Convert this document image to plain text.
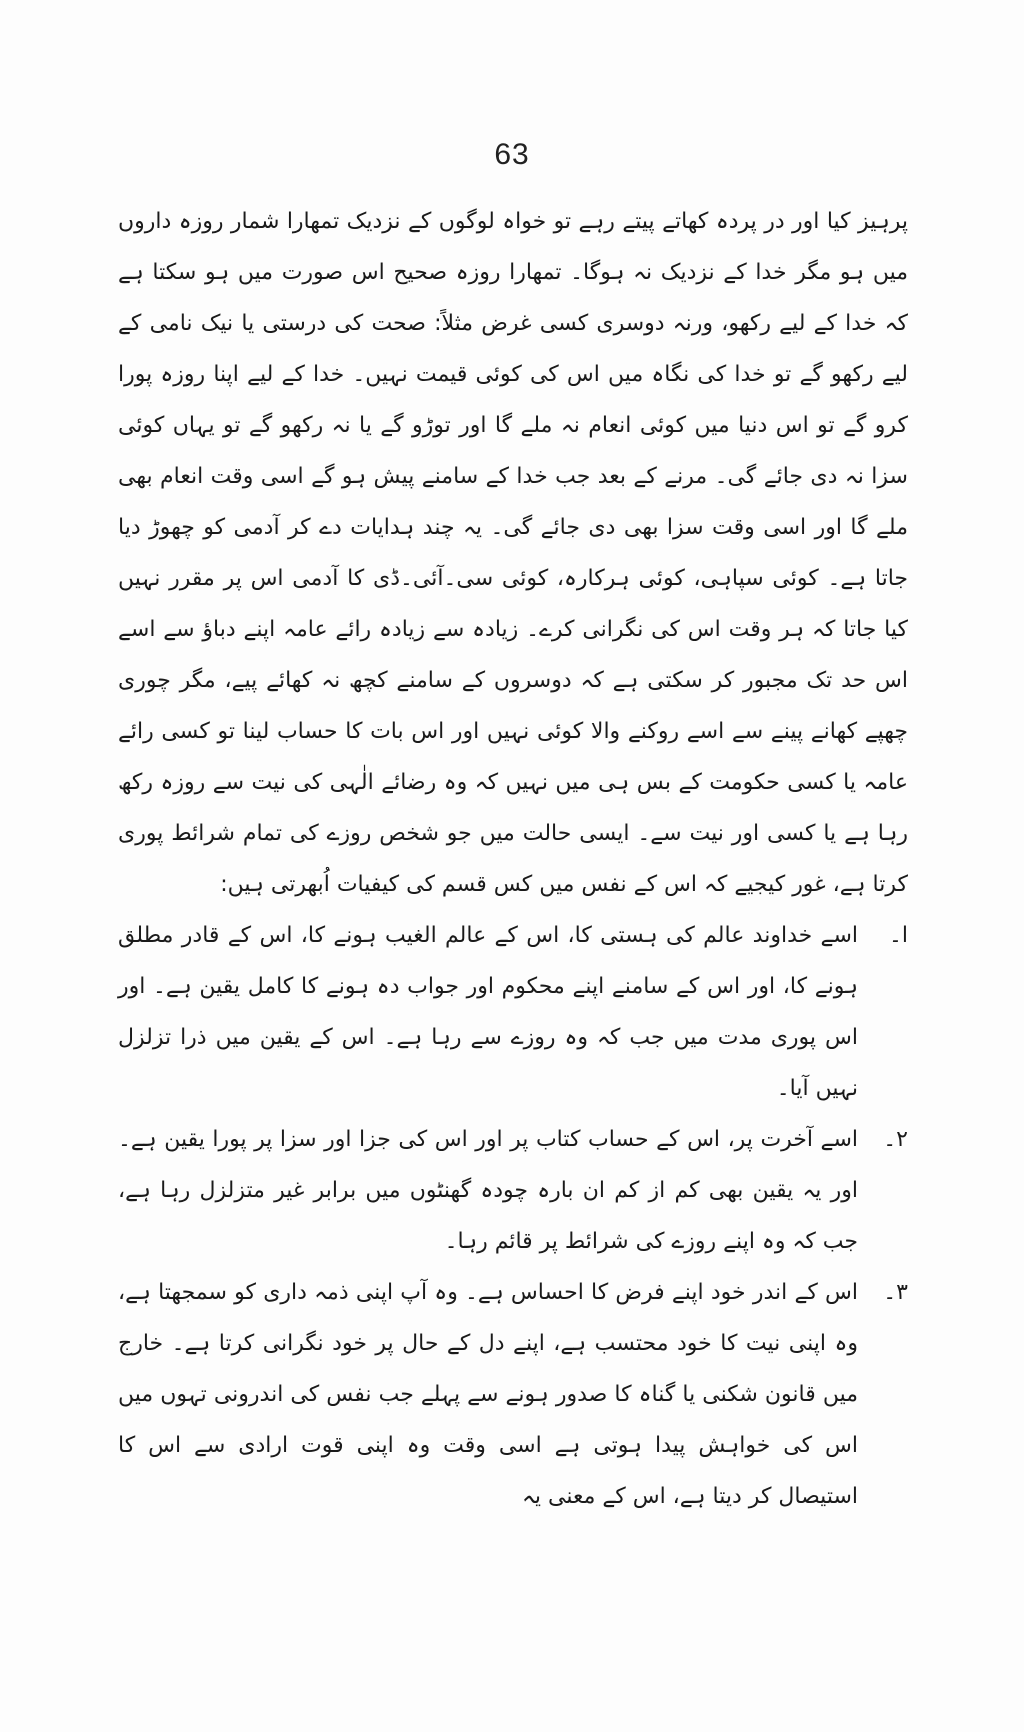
63

پرہیز کیا اور در پردہ کھاتے پیتے رہے تو خواہ لوگوں کے نزدیک تمھارا شمار روزہ داروں میں ہو مگر خدا کے نزدیک نہ ہوگا۔ تمھارا روزہ صحیح اس صورت میں ہو سکتا ہے کہ خدا کے لیے رکھو، ورنہ دوسری کسی غرض مثلاً: صحت کی درستی یا نیک نامی کے لیے رکھو گے تو خدا کی نگاہ میں اس کی کوئی قیمت نہیں۔ خدا کے لیے اپنا روزہ پورا کرو گے تو اس دنیا میں کوئی انعام نہ ملے گا اور توڑو گے یا نہ رکھو گے تو یہاں کوئی سزا نہ دی جائے گی۔ مرنے کے بعد جب خدا کے سامنے پیش ہو گے اسی وقت انعام بھی ملے گا اور اسی وقت سزا بھی دی جائے گی۔ یہ چند ہدایات دے کر آدمی کو چھوڑ دیا جاتا ہے۔ کوئی سپاہی، کوئی ہرکارہ، کوئی سی۔آئی۔ڈی کا آدمی اس پر مقرر نہیں کیا جاتا کہ ہر وقت اس کی نگرانی کرے۔ زیادہ سے زیادہ رائے عامہ اپنے دباؤ سے اسے اس حد تک مجبور کر سکتی ہے کہ دوسروں کے سامنے کچھ نہ کھائے پیے، مگر چوری چھپے کھانے پینے سے اسے روکنے والا کوئی نہیں اور اس بات کا حساب لینا تو کسی رائے عامہ یا کسی حکومت کے بس ہی میں نہیں کہ وہ رضائے الٰہی کی نیت سے روزہ رکھ رہا ہے یا کسی اور نیت سے۔ ایسی حالت میں جو شخص روزے کی تمام شرائط پوری کرتا ہے، غور کیجیے کہ اس کے نفس میں کس قسم کی کیفیات اُبھرتی ہیں:

ا۔
اسے خداوند عالم کی ہستی کا، اس کے عالم الغیب ہونے کا، اس کے قادر مطلق ہونے کا، اور اس کے سامنے اپنے محکوم اور جواب دہ ہونے کا کامل یقین ہے۔ اور اس پوری مدت میں جب کہ وہ روزے سے رہا ہے۔ اس کے یقین میں ذرا تزلزل نہیں آیا۔
۲۔
اسے آخرت پر، اس کے حساب کتاب پر اور اس کی جزا اور سزا پر پورا یقین ہے۔ اور یہ یقین بھی کم از کم ان بارہ چودہ گھنٹوں میں برابر غیر متزلزل رہا ہے، جب کہ وہ اپنے روزے کی شرائط پر قائم رہا۔
۳۔
اس کے اندر خود اپنے فرض کا احساس ہے۔ وہ آپ اپنی ذمہ داری کو سمجھتا ہے، وہ اپنی نیت کا خود محتسب ہے، اپنے دل کے حال پر خود نگرانی کرتا ہے۔ خارج میں قانون شکنی یا گناہ کا صدور ہونے سے پہلے جب نفس کی اندرونی تہوں میں اس کی خواہش پیدا ہوتی ہے اسی وقت وہ اپنی قوت ارادی سے اس کا استیصال کر دیتا ہے، اس کے معنی یہ
